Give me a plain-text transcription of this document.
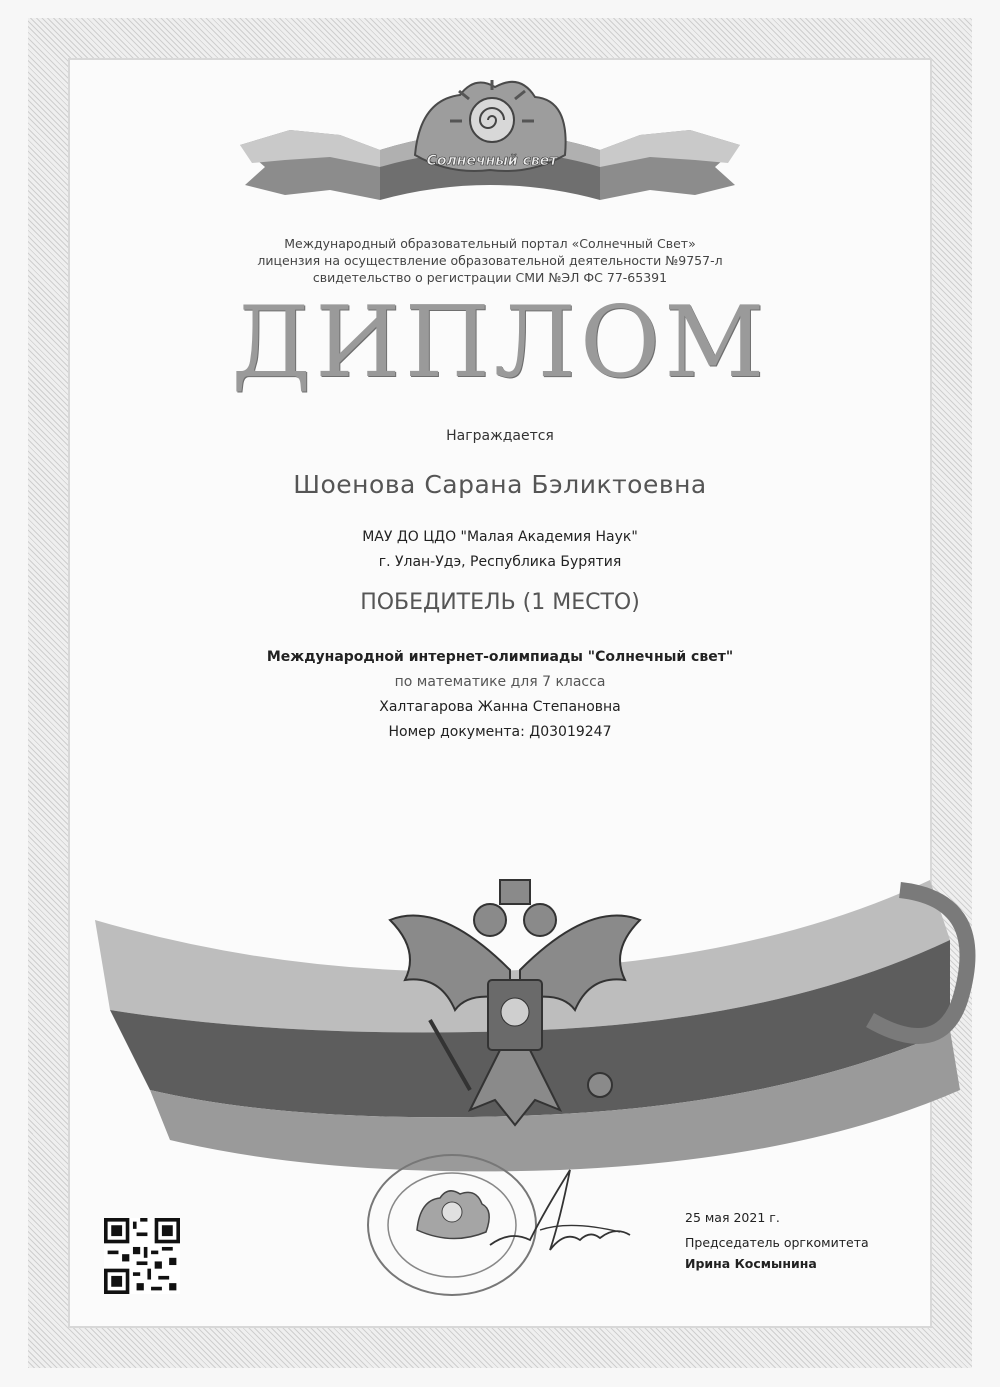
Солнечный свет
Международный образовательный портал «Солнечный Свет»
лицензия на осуществление образовательной деятельности №9757-л
свидетельство о регистрации СМИ №ЭЛ ФС 77-65391
ДИПЛОМ
Награждается
Шоенова Сарана Бэликтоевна
МАУ ДО ЦДО "Малая Академия Наук"
г. Улан-Удэ, Республика Бурятия
ПОБЕДИТЕЛЬ (1 МЕСТО)
Международной интернет-олимпиады "Солнечный свет"
по математике для 7 класса
Халтагарова Жанна Степановна
Номер документа: Д03019247
25 мая 2021 г.
Председатель оргкомитета
Ирина Космынина
